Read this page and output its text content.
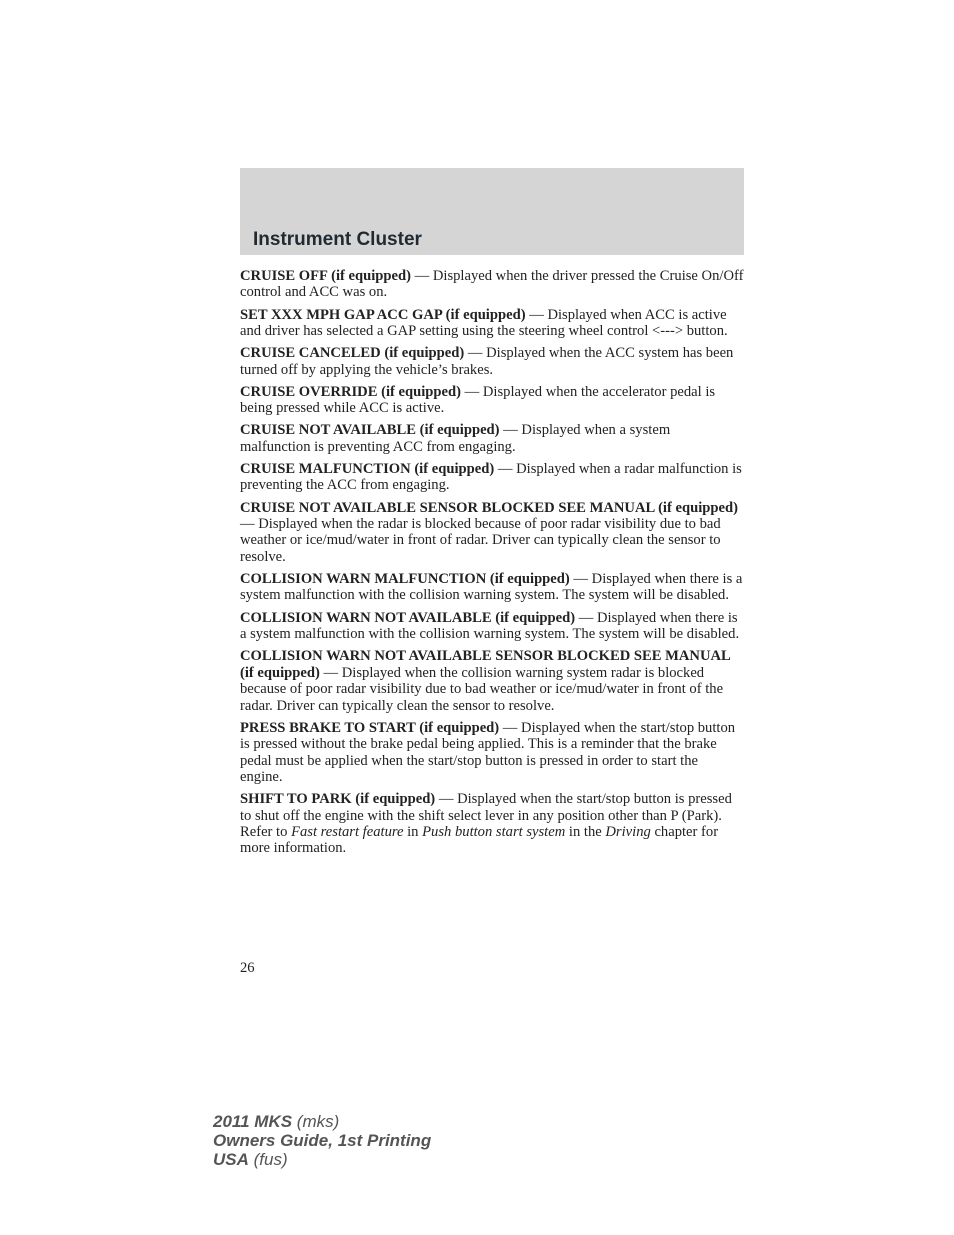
Instrument Cluster

CRUISE OFF (if equipped) — Displayed when the driver pressed the Cruise On/Off control and ACC was on.

SET XXX MPH GAP ACC GAP (if equipped) — Displayed when ACC is active and driver has selected a GAP setting using the steering wheel control <---> button.

CRUISE CANCELED (if equipped) — Displayed when the ACC system has been turned off by applying the vehicle’s brakes.

CRUISE OVERRIDE (if equipped) — Displayed when the accelerator pedal is being pressed while ACC is active.

CRUISE NOT AVAILABLE (if equipped) — Displayed when a system malfunction is preventing ACC from engaging.

CRUISE MALFUNCTION (if equipped) — Displayed when a radar malfunction is preventing the ACC from engaging.

CRUISE NOT AVAILABLE SENSOR BLOCKED SEE MANUAL (if equipped) — Displayed when the radar is blocked because of poor radar visibility due to bad weather or ice/mud/water in front of radar. Driver can typically clean the sensor to resolve.

COLLISION WARN MALFUNCTION (if equipped) — Displayed when there is a system malfunction with the collision warning system. The system will be disabled.

COLLISION WARN NOT AVAILABLE (if equipped) — Displayed when there is a system malfunction with the collision warning system. The system will be disabled.

COLLISION WARN NOT AVAILABLE SENSOR BLOCKED SEE MANUAL (if equipped) — Displayed when the collision warning system radar is blocked because of poor radar visibility due to bad weather or ice/mud/water in front of the radar. Driver can typically clean the sensor to resolve.

PRESS BRAKE TO START (if equipped) — Displayed when the start/stop button is pressed without the brake pedal being applied. This is a reminder that the brake pedal must be applied when the start/stop button is pressed in order to start the engine.

SHIFT TO PARK (if equipped) — Displayed when the start/stop button is pressed to shut off the engine with the shift select lever in any position other than P (Park). Refer to Fast restart feature in Push button start system in the Driving chapter for more information.

26
2011 MKS (mks)
Owners Guide, 1st Printing
USA (fus)
